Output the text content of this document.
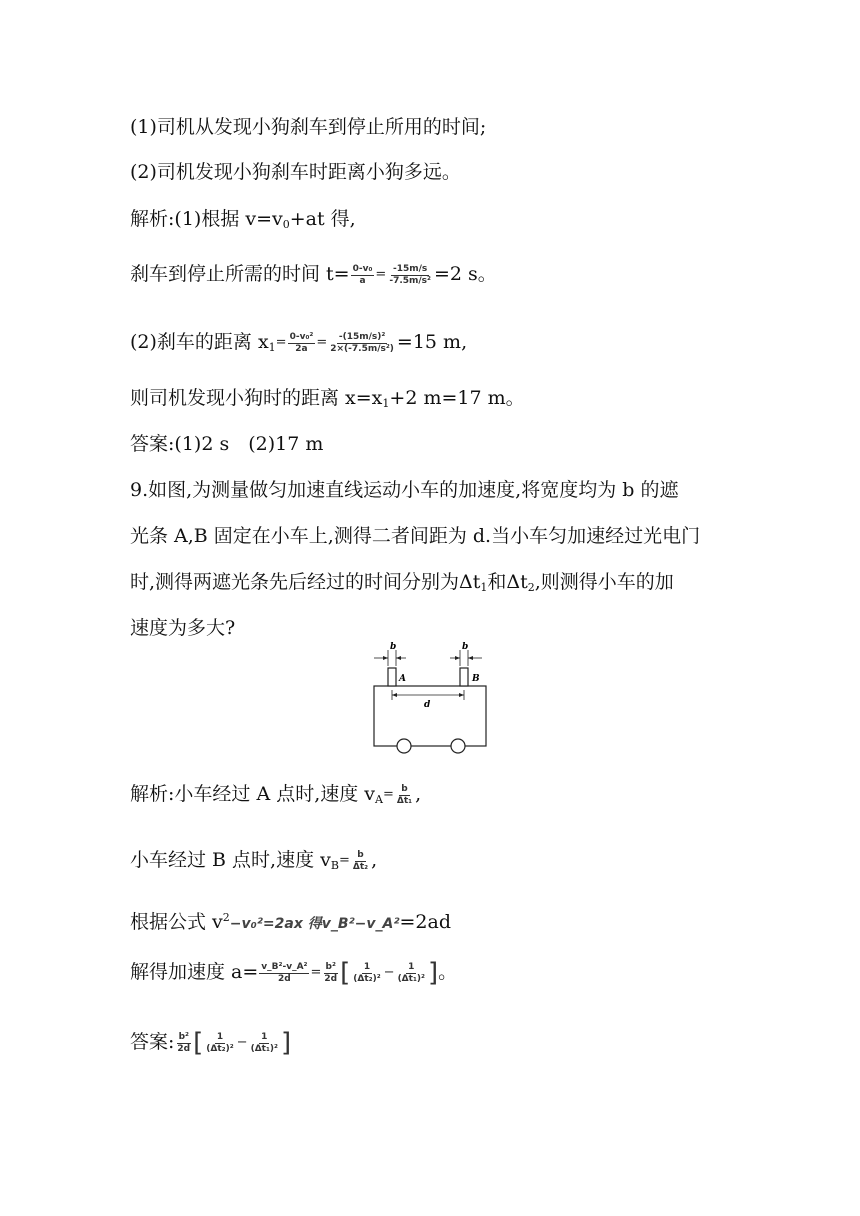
(1)司机从发现小狗刹车到停止所用的时间;
(2)司机发现小狗刹车时距离小狗多远。
解析:(1)根据 $v=v_0+at$ 得,
刹车到停止所需的时间 $t= \frac{\text{0-v₀}}{a} = \frac{-15m/s}{\text{-7.5m/s²}} =2$ s。
(2)刹车的距离 $x_1= \frac{\text{0-v₀²}}{2a} = \frac{\text{-(15m/s)²}}{\text{2×(-7.5m/s²)}} =15$ m,
则司机发现小狗时的距离 $x=x_1+2$ m=17 m。
答案:(1)2 s　(2)17 m
9.如图,为测量做匀加速直线运动小车的加速度,将宽度均为 b 的遮
光条 A,B 固定在小车上,测得二者间距为 d.当小车匀加速经过光电门
时,测得两遮光条先后经过的时间分别为$\Delta t_1$和$\Delta t_2$,则测得小车的加
速度为多大?
b	b
A	B
d
解析:小车经过 A 点时,速度 $v_A= \frac{b}{\text{Δt₁}}$ ,
小车经过 B 点时,速度 $v_B= \frac{b}{\text{Δt₂}}$ ,
根据公式 $v^2-v_0^2=2ax$ 得v_B²−v_A²=2ad
解得加速度 $a= \frac{\text{v\_B²-v\_A²}}{2d} = \frac{\text{b²}}{2d}$ [ $\frac{1}{\text{(Δt₂)²}} - \frac{1}{\text{(Δt₁)²}}$ ]。
答案: $\frac{\text{b²}}{2d}$ [ $\frac{1}{\text{(Δt₂)²}} - \frac{1}{\text{(Δt₁)²}}$ ]
